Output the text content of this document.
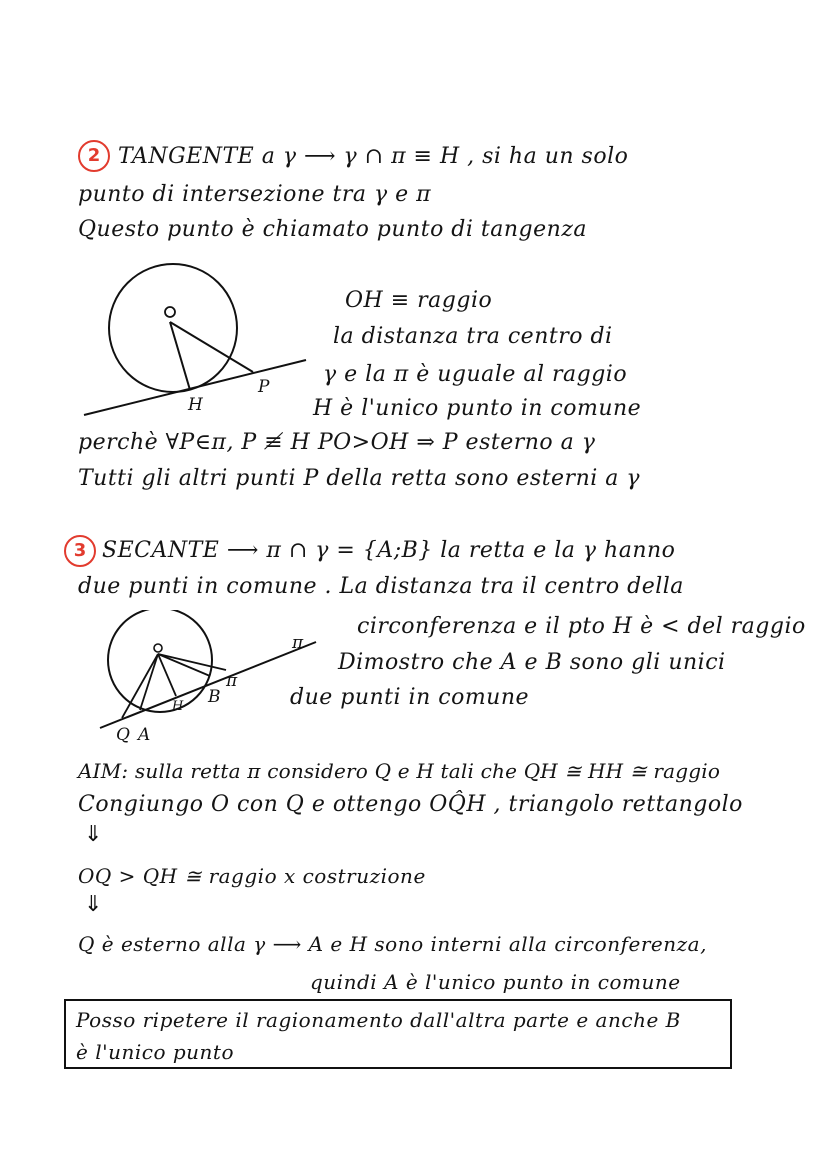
2 TANGENTE a γ ⟶ γ ∩ π ≡ H , si ha un solo
punto di intersezione tra γ e π
Questo punto è chiamato punto di tangenza
H
P
OH ≡ raggio
la distanza tra centro di
γ e la π è uguale al raggio
H è l'unico punto in comune
perchè ∀P∈π, P ≢ H PO>OH ⇒ P esterno a γ
Tutti gli altri punti P della retta sono esterni a γ
3 SECANTE ⟶ π ∩ γ = {A;B} la retta e la γ hanno
due punti in comune . La distanza tra il centro della
H B
π
π
Q A
circonferenza e il pto H è < del raggio
Dimostro che A e B sono gli unici
due punti in comune
AIM: sulla retta π considero Q e H tali che QH ≅ HH ≅ raggio
Congiungo O con Q e ottengo OQ̂H , triangolo rettangolo
⇓
OQ > QH ≅ raggio x costruzione
⇓
Q è esterno alla γ ⟶ A e H sono interni alla circonferenza,
quindi A è l'unico punto in comune
Posso ripetere il ragionamento dall'altra parte e anche B
è l'unico punto
